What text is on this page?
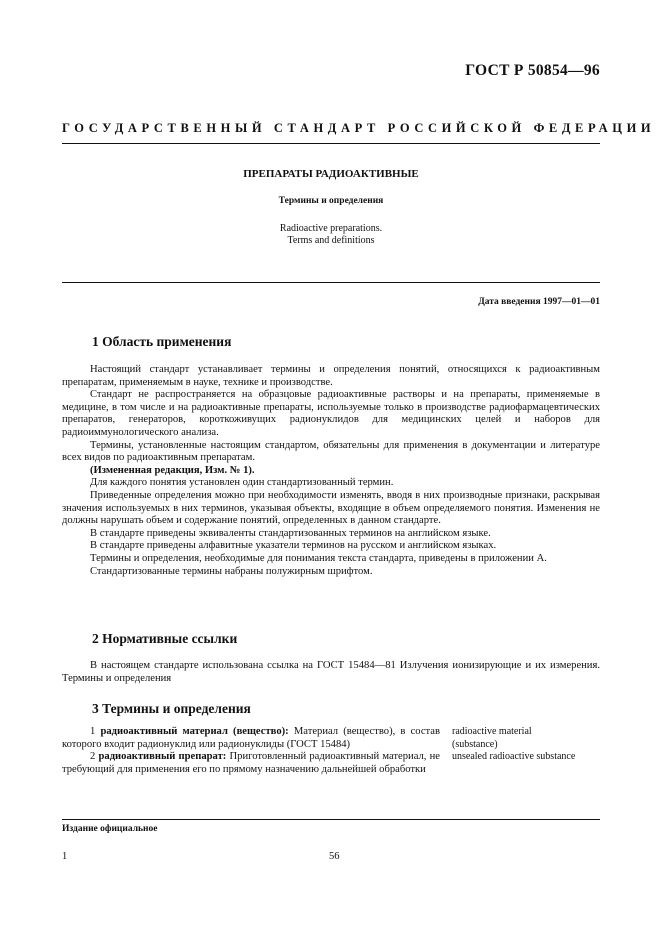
ГОСТ Р 50854—96
ГОСУДАРСТВЕННЫЙ СТАНДАРТ РОССИЙСКОЙ ФЕДЕРАЦИИ
ПРЕПАРАТЫ РАДИОАКТИВНЫЕ
Термины и определения
Radioactive preparations.
Terms and definitions
Дата введения 1997—01—01
1 Область применения

Настоящий стандарт устанавливает термины и определения понятий, относящихся к радиоактивным препаратам, применяемым в науке, технике и производстве.

Стандарт не распространяется на образцовые радиоактивные растворы и на препараты, применяемые в медицине, в том числе и на радиоактивные препараты, используемые только в производстве радиофармацевтических препаратов, генераторов, короткоживущих радионуклидов для медицинских целей и наборов для радиоиммунологического анализа.

Термины, установленные настоящим стандартом, обязательны для применения в документации и литературе всех видов по радиоактивным препаратам.

(Измененная редакция, Изм. № 1).

Для каждого понятия установлен один стандартизованный термин.

Приведенные определения можно при необходимости изменять, вводя в них производные признаки, раскрывая значения используемых в них терминов, указывая объекты, входящие в объем определяемого понятия. Изменения не должны нарушать объем и содержание понятий, определенных в данном стандарте.

В стандарте приведены эквиваленты стандартизованных терминов на английском языке.

В стандарте приведены алфавитные указатели терминов на русском и английском языках.

Термины и определения, необходимые для понимания текста стандарта, приведены в приложении А.

Стандартизованные термины набраны полужирным шрифтом.

2 Нормативные ссылки

В настоящем стандарте использована ссылка на ГОСТ 15484—81 Излучения ионизирующие и их измерения. Термины и определения

3 Термины и определения
1 радиоактивный материал (вещество): Материал (вещество), в состав которого входит радионуклид или радионуклиды (ГОСТ 15484)
radioactive material
(substance)
2 радиоактивный препарат: Приготовленный радиоактивный материал, не требующий для применения его по прямому назначению дальнейшей обработки
unsealed radioactive substance
Издание официальное
1	56
